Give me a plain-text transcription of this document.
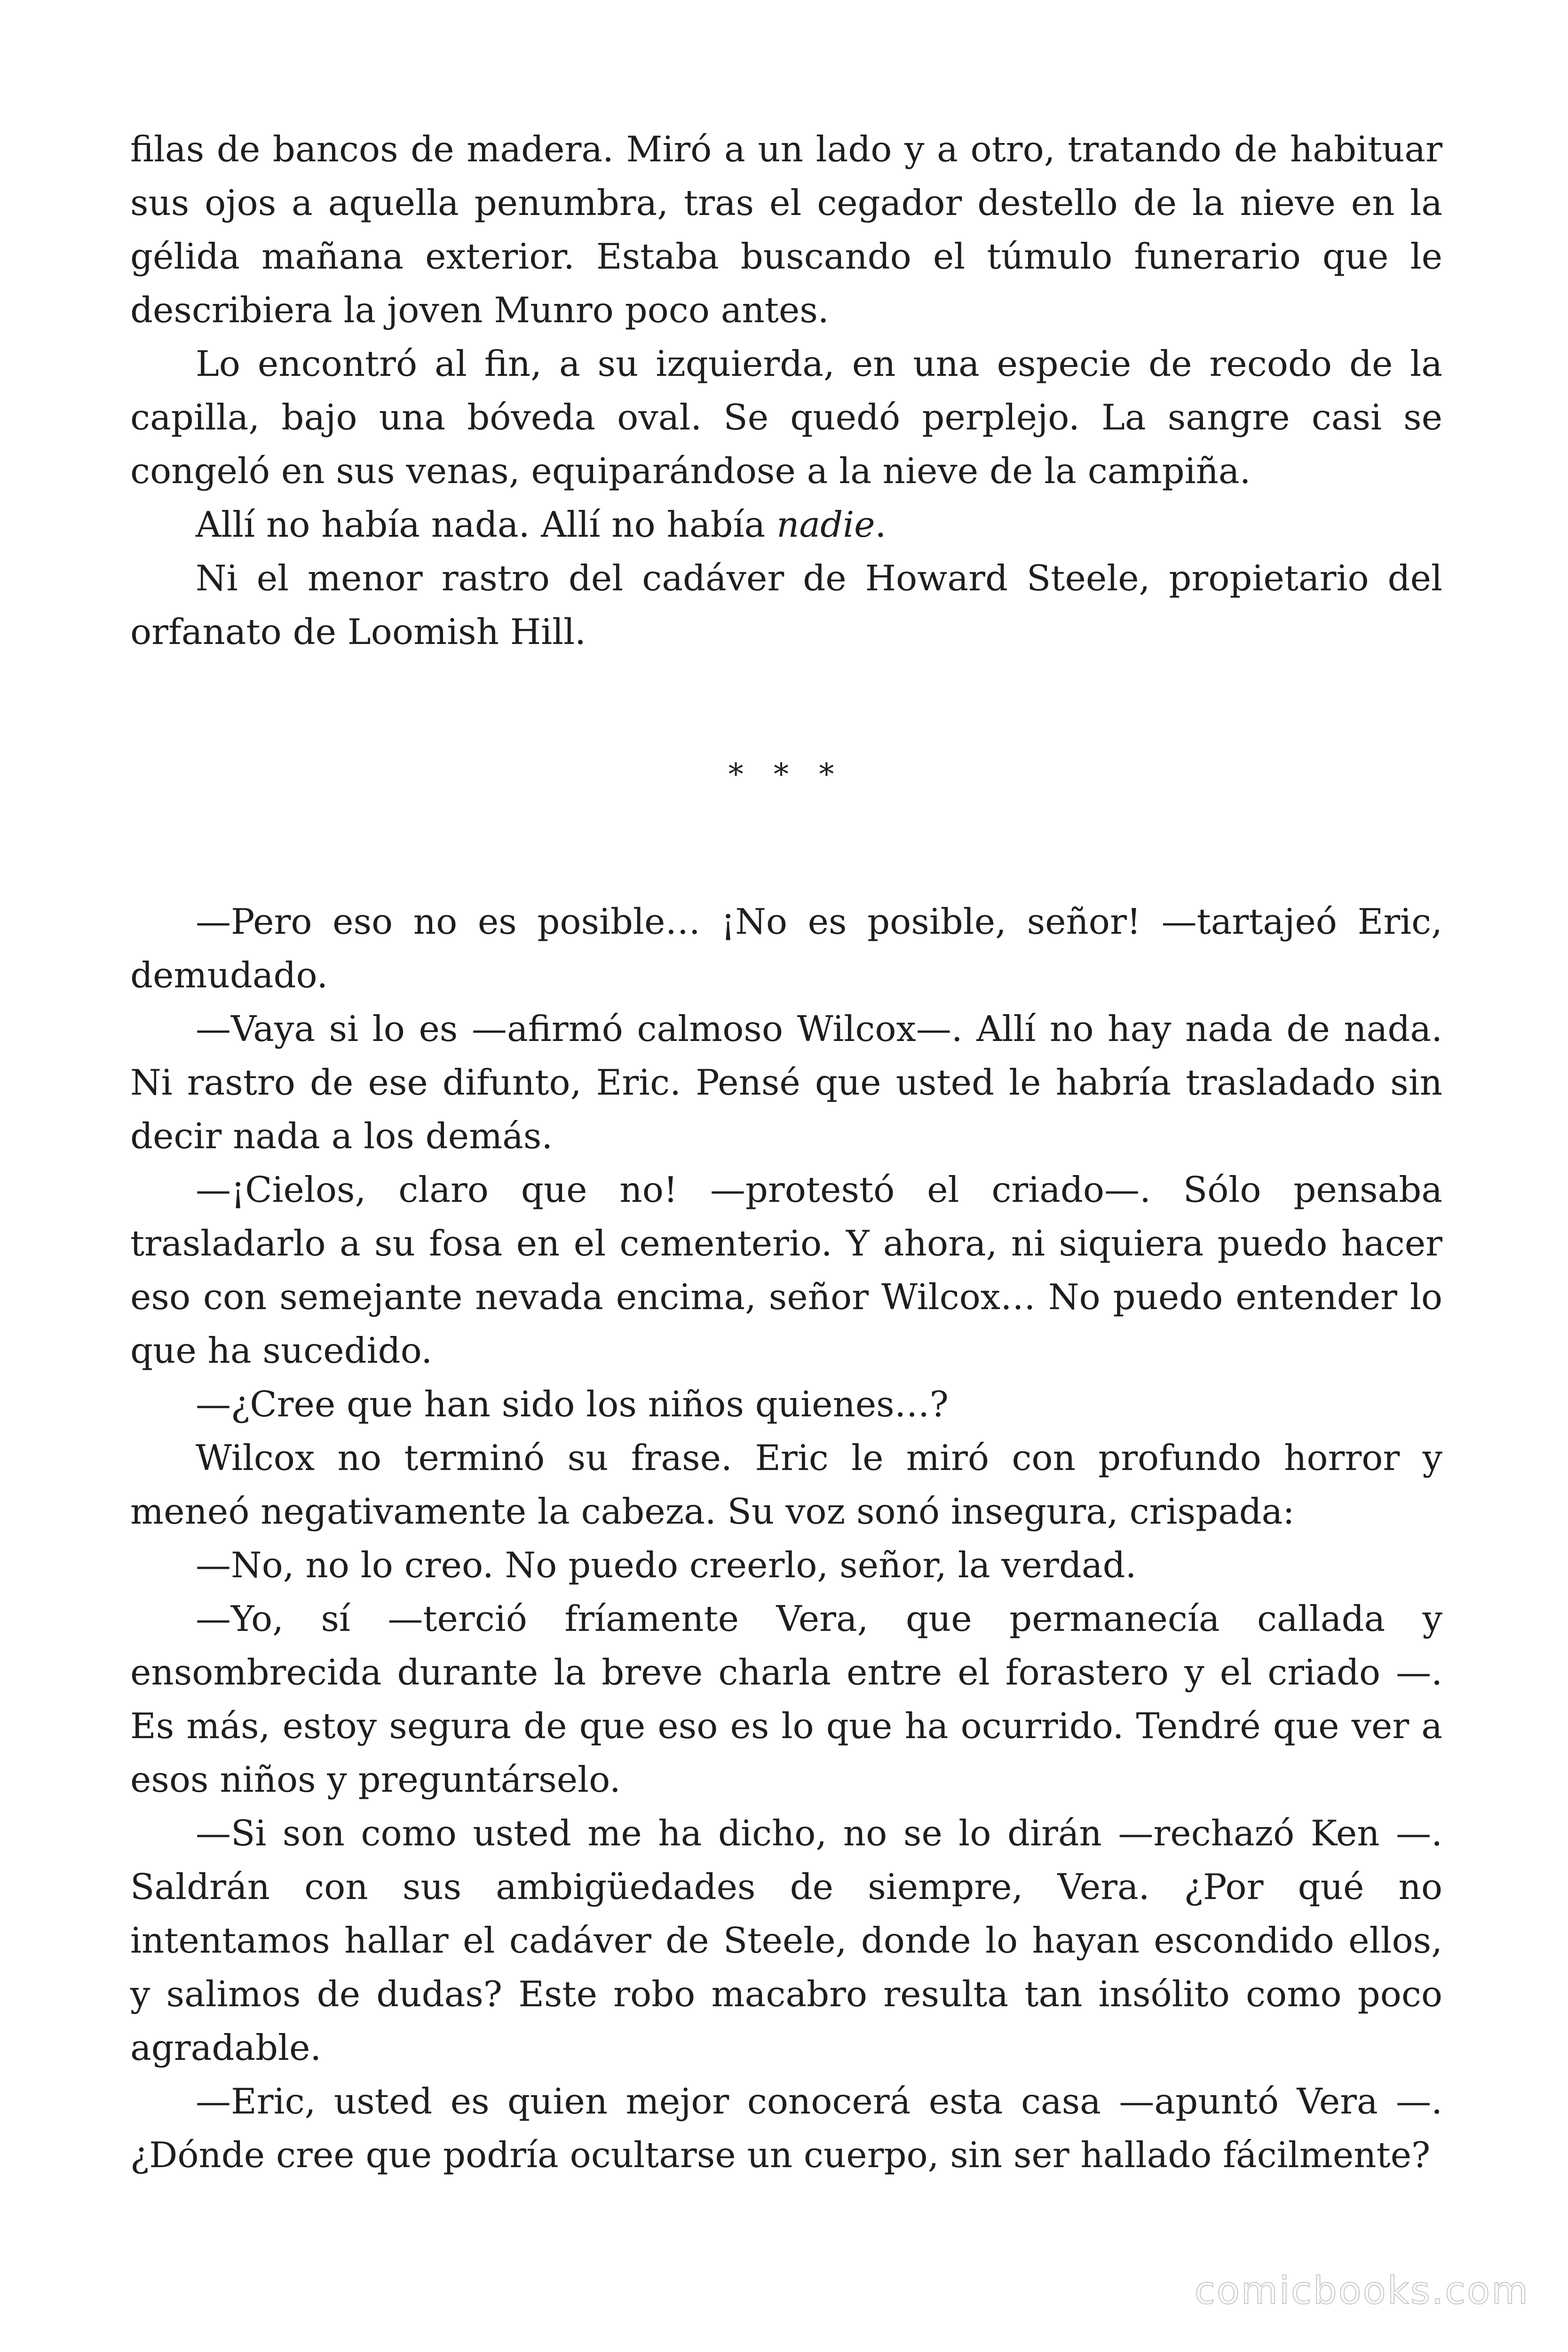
filas de bancos de madera. Miró a un lado y a otro, tratando de habituar sus ojos a aquella penumbra, tras el cegador destello de la nieve en la gélida mañana exterior. Estaba buscando el túmulo funerario que le describiera la joven Munro poco antes.

Lo encontró al fin, a su izquierda, en una especie de recodo de la capilla, bajo una bóveda oval. Se quedó perplejo. La sangre casi se congeló en sus venas, equiparándose a la nieve de la campiña.

Allí no había nada. Allí no había nadie.

Ni el menor rastro del cadáver de Howard Steele, propietario del orfanato de Loomish Hill.

* * *

—Pero eso no es posible… ¡No es posible, señor! —tartajeó Eric, demudado.

—Vaya si lo es —afirmó calmoso Wilcox—. Allí no hay nada de nada. Ni rastro de ese difunto, Eric. Pensé que usted le habría trasladado sin decir nada a los demás.

—¡Cielos, claro que no! —protestó el criado—. Sólo pensaba trasladarlo a su fosa en el cementerio. Y ahora, ni siquiera puedo hacer eso con semejante nevada encima, señor Wilcox… No puedo entender lo que ha sucedido.

—¿Cree que han sido los niños quienes…?

Wilcox no terminó su frase. Eric le miró con profundo horror y meneó negativamente la cabeza. Su voz sonó insegura, crispada:

—No, no lo creo. No puedo creerlo, señor, la verdad.

—Yo, sí —terció fríamente Vera, que permanecía callada y ensombrecida durante la breve charla entre el forastero y el criado —. Es más, estoy segura de que eso es lo que ha ocurrido. Tendré que ver a esos niños y preguntárselo.

—Si son como usted me ha dicho, no se lo dirán —rechazó Ken —. Saldrán con sus ambigüedades de siempre, Vera. ¿Por qué no intentamos hallar el cadáver de Steele, donde lo hayan escondido ellos, y salimos de dudas? Este robo macabro resulta tan insólito como poco agradable.

—Eric, usted es quien mejor conocerá esta casa —apuntó Vera —. ¿Dónde cree que podría ocultarse un cuerpo, sin ser hallado fácilmente?

comicbooks.com
